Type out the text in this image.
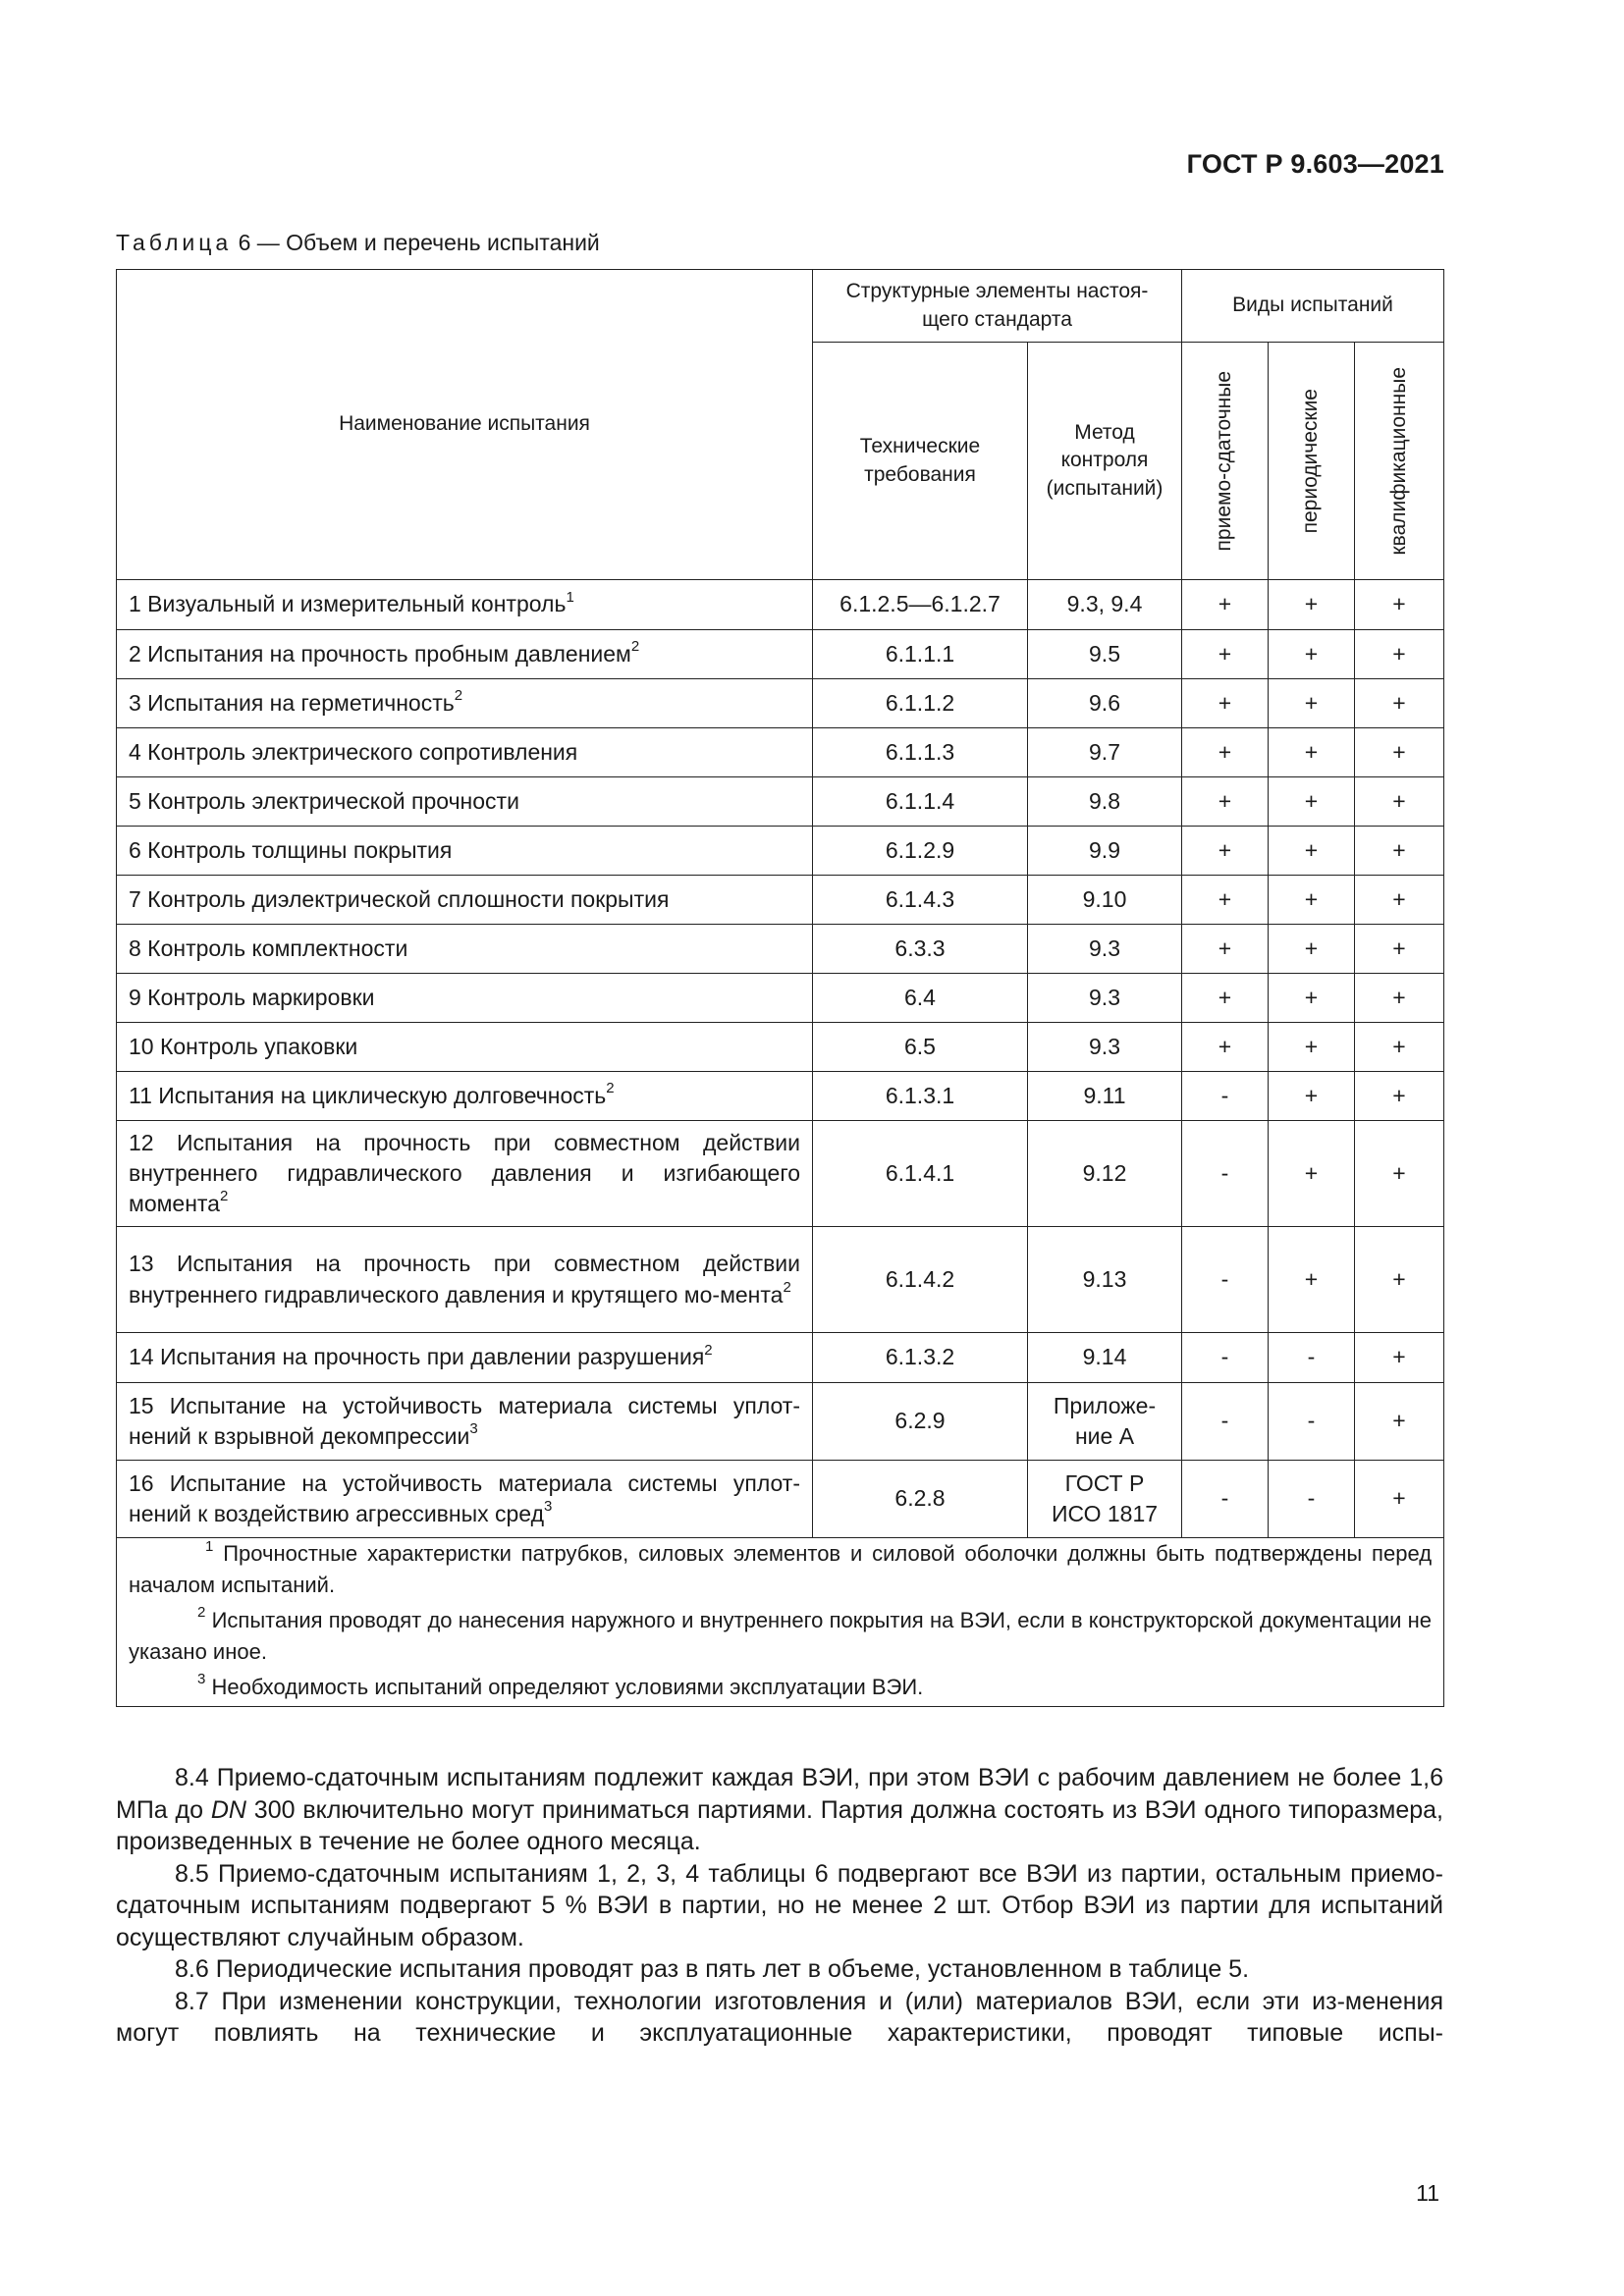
ГОСТ Р 9.603—2021
Таблица 6 — Объем и перечень испытаний
Наименование испытания	Структурные элементы настоя-щего стандарта		Виды испытаний		
	Технические требования	Метод контроля (испытаний)	приемо-сдаточные	периодические	квалификационные

1 Визуальный и измерительный контроль$^1$	6.1.2.5—6.1.2.7	9.3, 9.4	+	+	+
2 Испытания на прочность пробным давлением$^2$	6.1.1.1	9.5	+	+	+
3 Испытания на герметичность$^2$	6.1.1.2	9.6	+	+	+
4 Контроль электрического сопротивления	6.1.1.3	9.7	+	+	+
5 Контроль электрической прочности	6.1.1.4	9.8	+	+	+
6 Контроль толщины покрытия	6.1.2.9	9.9	+	+	+
7 Контроль диэлектрической сплошности покрытия	6.1.4.3	9.10	+	+	+
8 Контроль комплектности	6.3.3	9.3	+	+	+
9 Контроль маркировки	6.4	9.3	+	+	+
10 Контроль упаковки	6.5	9.3	+	+	+
11 Испытания на циклическую долговечность$^2$	6.1.3.1	9.11	-	+	+
12 Испытания на прочность при совместном действии внутреннего гидравлического давления и изгибающего момента$^2$	6.1.4.1	9.12	-	+	+
13 Испытания на прочность при совместном действии внутреннего гидравлического давления и крутящего мо-мента$^2$	6.1.4.2	9.13	-	+	+
14 Испытания на прочность при давлении разрушения$^2$	6.1.3.2	9.14	-	-	+
15 Испытание на устойчивость материала системы уплот-нений к взрывной декомпрессии$^3$	6.2.9	Приложе-ние А	-	-	+
16 Испытание на устойчивость материала системы уплот-нений к воздействию агрессивных сред$^3$	6.2.8	ГОСТ Р ИСО 1817	-	-	+

$^1$ Прочностные характеристки патрубков, силовых элементов и силовой оболочки должны быть подтверждены перед началом испытаний.

$^2$ Испытания проводят до нанесения наружного и внутреннего покрытия на ВЭИ, если в конструкторской документации не указано иное.

$^3$ Необходимость испытаний определяют условиями эксплуатации ВЭИ.					

8.4 Приемо-сдаточным испытаниям подлежит каждая ВЭИ, при этом ВЭИ с рабочим давлением не более 1,6 МПа до DN 300 включительно могут приниматься партиями. Партия должна состоять из ВЭИ одного типоразмера, произведенных в течение не более одного месяца.

8.5 Приемо-сдаточным испытаниям 1, 2, 3, 4 таблицы 6 подвергают все ВЭИ из партии, остальным приемо-сдаточным испытаниям подвергают 5 % ВЭИ в партии, но не менее 2 шт. Отбор ВЭИ из партии для испытаний осуществляют случайным образом.

8.6 Периодические испытания проводят раз в пять лет в объеме, установленном в таблице 5.

8.7 При изменении конструкции, технологии изготовления и (или) материалов ВЭИ, если эти из-менения могут повлиять на технические и эксплуатационные характеристики, проводят типовые испы-

11
